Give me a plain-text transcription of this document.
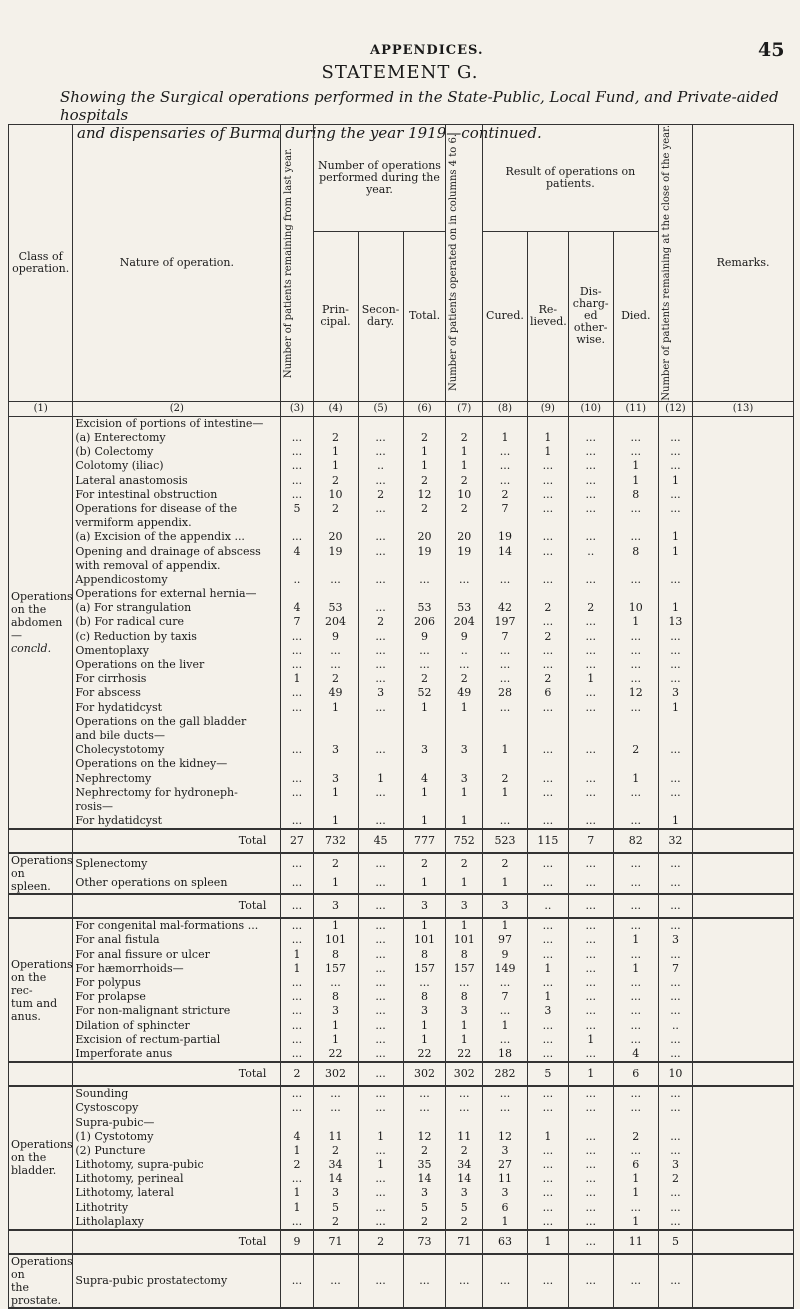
APPENDICES.	45
STATEMENT G.
Showing the Surgical operations performed in the State-Public, Local Fund, and Private-aided hospitals
and dispensaries of Burma during the year 1919—continued.
Class of operation.	Nature of operation.	Number of patients remaining from last year.	Number of operations performed during the year.			Number of patients operated on in columns 4 to 6.	Result of operations on patients.				Number of patients remaining at the close of the year.	Remarks.
			Prin-cipal.	Secon-dary.	Total.		Cured.	Re-lieved.	Dis-charg-ed other-wise.	Died.		
(1)	(2)	(3)	(4)	(5)	(6)	(7)	(8)	(9)	(10)	(11)	(12)	(13)

Operations
on the
abdomen—
concld.	Excision of portions of intestine—											
	(a) Enterectomy	...	2	...	2	2	1	1	...	...	...	
	(b) Colectomy	...	1	...	1	1	...	1	...	...	...	
	Colotomy (iliac)	...	1	..	1	1	...	...	...	1	...	
	Lateral anastomosis	...	2	...	2	2	...	...	...	1	1	
	For intestinal obstruction	...	10	2	12	10	2	...	...	8	...	
	Operations for disease of the	5	2	...	2	2	7	...	...	...	...	
	vermiform appendix.											
	(a) Excision of the appendix ...	...	20	...	20	20	19	...	...	...	1	
	Opening and drainage of abscess	4	19	...	19	19	14	...	..	8	1	
	with removal of appendix.											
	Appendicostomy	..	...	...	...	...	...	...	...	...	...	
	Operations for external hernia—											
	(a) For strangulation	4	53	...	53	53	42	2	2	10	1	
	(b) For radical cure	7	204	2	206	204	197	...	...	1	13	
	(c) Reduction by taxis	...	9	...	9	9	7	2	...	...	...	
	Omentoplaxy	...	...	...	...	..	...	...	...	...	...	
	Operations on the liver	...	...	...	...	...	...	...	...	...	...	
	For cirrhosis	1	2	...	2	2	...	2	1	...	...	
	For abscess	...	49	3	52	49	28	6	...	12	3	
	For hydatidcyst	...	1	...	1	1	...	...	...	...	1	
	Operations on the gall bladder											
	and bile ducts—											
	Cholecystotomy	...	3	...	3	3	1	...	...	2	...	
	Operations on the kidney—											
	Nephrectomy	...	3	1	4	3	2	...	...	1	...	
	Nephrectomy for hydroneph-	...	1	...	1	1	1	...	...	...	...	
	rosis—											
	For hydatidcyst	...	1	...	1	1	...	...	...	...	1	
	Total	27	732	45	777	752	523	115	7	82	32	

Operations on
spleen.	Splenectomy	...	2	...	2	2	2	...	...	...	...	
	Other operations on spleen	...	1	...	1	1	1	...	...	...	...	
	Total	...	3	...	3	3	3	..	...	...	...	

Operations
on the rec-
tum and
anus.	For congenital mal-formations ...	...	1	...	1	1	1	...	...	...	...	
	For anal fistula	...	101	...	101	101	97	...	...	1	3	
	For anal fissure or ulcer	1	8	...	8	8	9	...	...	...	...	
	For hæmorrhoids—	1	157	...	157	157	149	1	...	1	7	
	For polypus	...	...	...	...	...	...	...	...	...	...	
	For prolapse	...	8	...	8	8	7	1	...	...	...	
	For non-malignant stricture	...	3	...	3	3	...	3	...	...	...	
	Dilation of sphincter	...	1	...	1	1	1	...	...	...	..	
	Excision of rectum-partial	...	1	...	1	1	...	...	1	...	...	
	Imperforate anus	...	22	...	22	22	18	...	...	4	...	
	Total	2	302	...	302	302	282	5	1	6	10	

Operations
on the
bladder.	Sounding	...	...	...	...	...	...	...	...	...	...	
	Cystoscopy	...	...	...	...	...	...	...	...	...	...	
	Supra-pubic—											
	(1) Cystotomy	4	11	1	12	11	12	1	...	2	...	
	(2) Puncture	1	2	...	2	2	3	...	...	...	...	
	Lithotomy, supra-pubic	2	34	1	35	34	27	...	...	6	3	
	Lithotomy, perineal	...	14	...	14	14	11	...	...	1	2	
	Lithotomy, lateral	1	3	...	3	3	3	...	...	1	...	
	Lithotrity	1	5	...	5	5	6	...	...	...	...	
	Litholaplaxy	...	2	...	2	2	1	...	...	1	...	
	Total	9	71	2	73	71	63	1	...	11	5	

Operations on
the prostate.	Supra-pubic prostatectomy	...	...	...	...	...	...	...	...	...	...	
